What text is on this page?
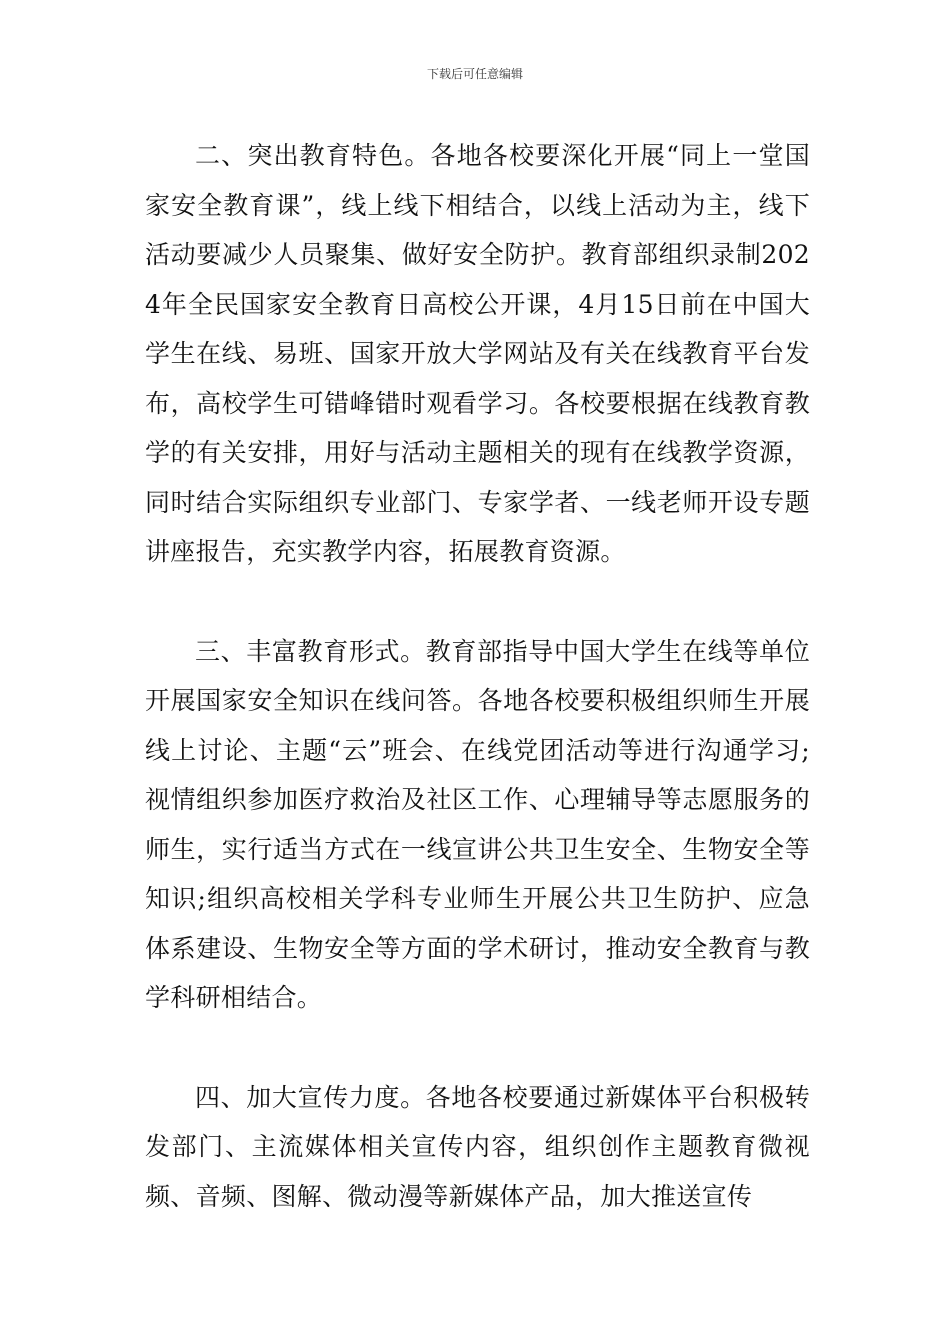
下载后可任意编辑

二、突出教育特色。各地各校要深化开展“同上一堂国家安全教育课”，线上线下相结合，以线上活动为主，线下活动要减少人员聚集、做好安全防护。教育部组织录制2024年全民国家安全教育日高校公开课，4月15日前在中国大学生在线、易班、国家开放大学网站及有关在线教育平台发布，高校学生可错峰错时观看学习。各校要根据在线教育教学的有关安排，用好与活动主题相关的现有在线教学资源，同时结合实际组织专业部门、专家学者、一线老师开设专题讲座报告，充实教学内容，拓展教育资源。

三、丰富教育形式。教育部指导中国大学生在线等单位开展国家安全知识在线问答。各地各校要积极组织师生开展线上讨论、主题“云”班会、在线党团活动等进行沟通学习;视情组织参加医疗救治及社区工作、心理辅导等志愿服务的师生，实行适当方式在一线宣讲公共卫生安全、生物安全等知识;组织高校相关学科专业师生开展公共卫生防护、应急体系建设、生物安全等方面的学术研讨，推动安全教育与教学科研相结合。

四、加大宣传力度。各地各校要通过新媒体平台积极转发部门、主流媒体相关宣传内容，组织创作主题教育微视频、音频、图解、微动漫等新媒体产品，加大推送宣传
